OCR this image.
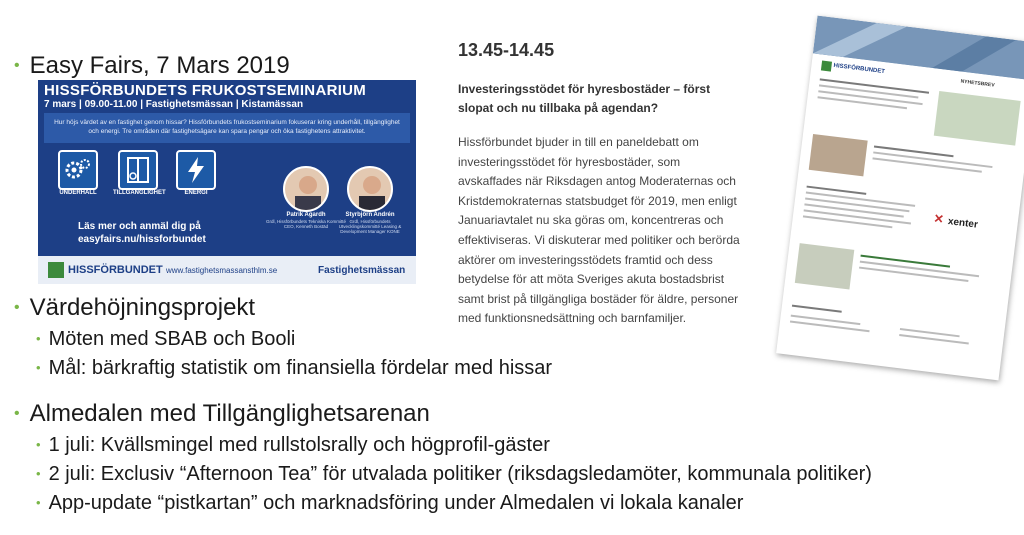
• Easy Fairs, 7 Mars 2019
HISSFÖRBUNDETS FRUKOSTSEMINARIUM
7 mars | 09.00-11.00 | Fastighetsmässan | Kistamässan
Hur höjs värdet av en fastighet genom hissar? Hissförbundets frukostseminarium fokuserar kring underhåll, tillgänglighet och energi. Tre områden där fastighetsägare kan spara pengar och öka fastighetens attraktivitet.
UNDERHÅLL	TILLGÄNGLIGHET	ENERGI
Läs mer och anmäl dig på
easyfairs.nu/hissforbundet
Patrik Agardh
Grdl, Hissförbundets Tekniska Kommitté CEO, Kenneth Bostäd
Styrbjörn Andrén
Grdl, Hissförbundets Utvecklingskommitté Leasing & Development Manager KONE
HISSFÖRBUNDET www.fastighetsmassansthlm.se	Fastighetsmässan
• Värdehöjningsprojekt
• Möten med SBAB och Booli
• Mål: bärkraftig statistik om finansiella fördelar med hissar
• Almedalen med Tillgänglighetsarenan
• 1 juli: Kvällsmingel med rullstolsrally och högprofil-gäster
• 2 juli: Exclusiv “Afternoon Tea” för utvalada politiker (riksdagsledamöter, kommunala politiker)
• App-update “pistkartan” och marknadsföring under Almedalen vi lokala kanaler
13.45-14.45
Investeringsstödet för hyresbostäder – först slopat och nu tillbaka på agendan?
Hissförbundet bjuder in till en paneldebatt om investeringsstödet för hyresbostäder, som avskaffades när Riksdagen antog Moderaternas och Kristdemokraternas statsbudget för 2019, men enligt Januariavtalet nu ska göras om, koncentreras och effektiviseras. Vi diskuterar med politiker och berörda aktörer om investeringsstödets framtid och dess betydelse för att möta Sveriges akuta bostadsbrist samt brist på tillgängliga bostäder för äldre, personer med funktionsnedsättning och barnfamiljer.
HISSFÖRBUNDET
NYHETSBREV
✕ xenter
